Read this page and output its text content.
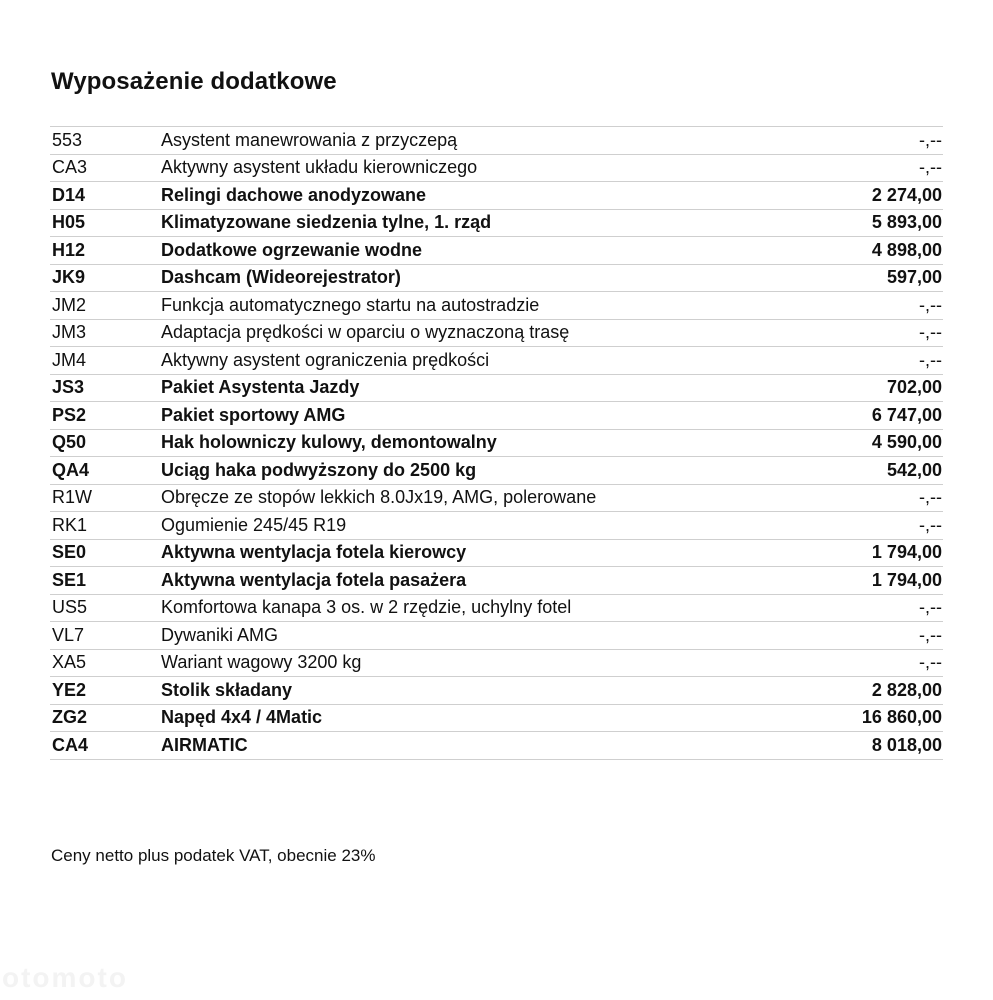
Wyposażenie dodatkowe
553	Asystent manewrowania z przyczepą	-,--
CA3	Aktywny asystent układu kierowniczego	-,--
D14	Relingi dachowe anodyzowane	2 274,00
H05	Klimatyzowane siedzenia tylne, 1. rząd	5 893,00
H12	Dodatkowe ogrzewanie wodne	4 898,00
JK9	Dashcam (Wideorejestrator)	597,00
JM2	Funkcja automatycznego startu na autostradzie	-,--
JM3	Adaptacja prędkości w oparciu o wyznaczoną trasę	-,--
JM4	Aktywny asystent ograniczenia prędkości	-,--
JS3	Pakiet Asystenta Jazdy	702,00
PS2	Pakiet sportowy AMG	6 747,00
Q50	Hak holowniczy kulowy, demontowalny	4 590,00
QA4	Uciąg haka podwyższony do 2500 kg	542,00
R1W	Obręcze ze stopów lekkich 8.0Jx19, AMG, polerowane	-,--
RK1	Ogumienie 245/45 R19	-,--
SE0	Aktywna wentylacja fotela kierowcy	1 794,00
SE1	Aktywna wentylacja fotela pasażera	1 794,00
US5	Komfortowa kanapa 3 os. w 2 rzędzie, uchylny fotel	-,--
VL7	Dywaniki AMG	-,--
XA5	Wariant wagowy 3200 kg	-,--
YE2	Stolik składany	2 828,00
ZG2	Napęd 4x4 / 4Matic	16 860,00
CA4	AIRMATIC	8 018,00

Ceny netto plus podatek VAT, obecnie 23%

otomoto
